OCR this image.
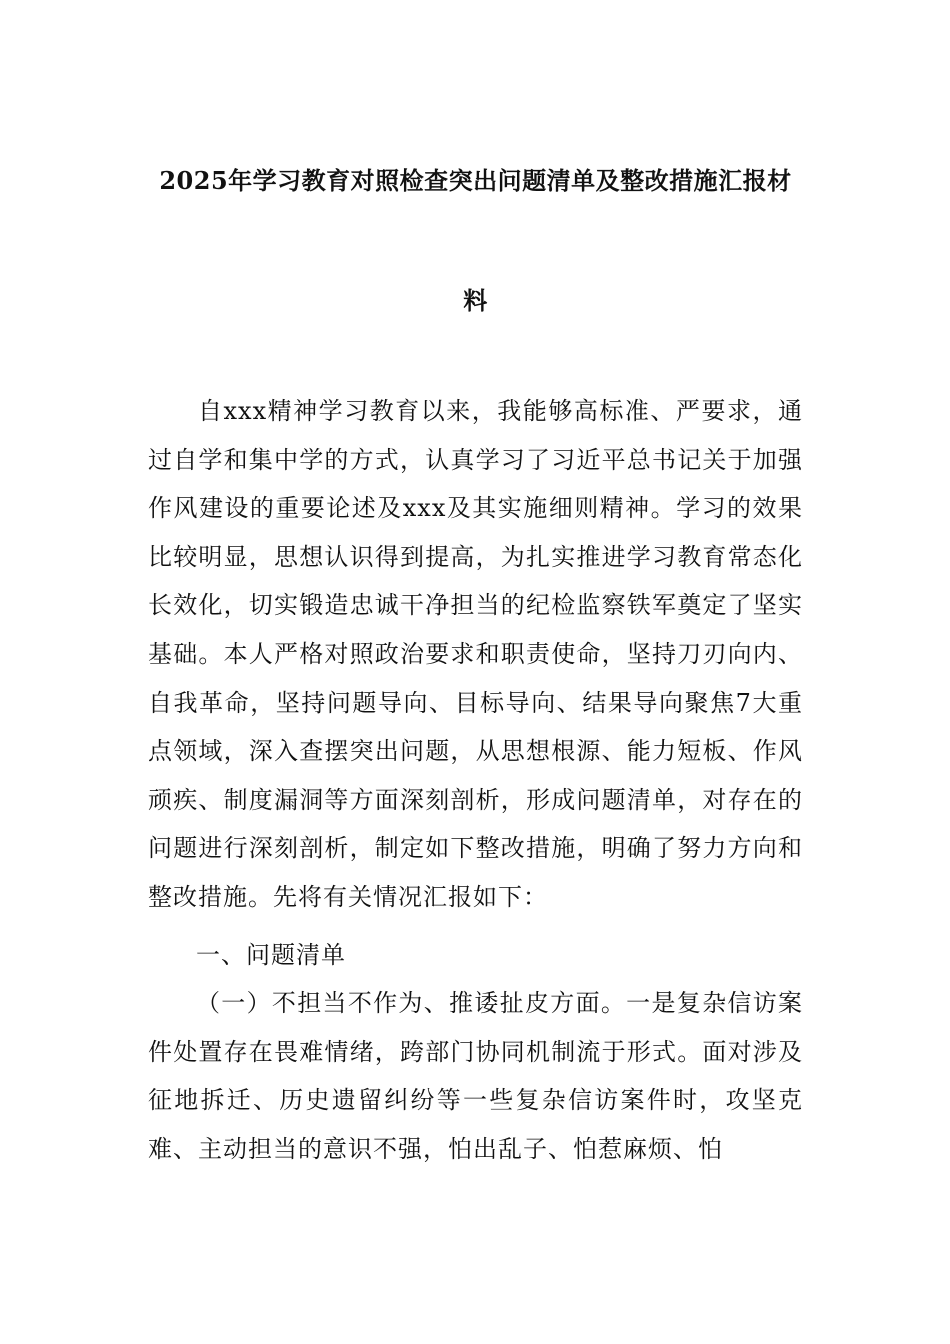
2025年学习教育对照检查突出问题清单及整改措施汇报材
料
自xxx精神学习教育以来，我能够高标准、严要求，通过自学和集中学的方式，认真学习了习近平总书记关于加强作风建设的重要论述及xxx及其实施细则精神。学习的效果比较明显，思想认识得到提高，为扎实推进学习教育常态化长效化，切实锻造忠诚干净担当的纪检监察铁军奠定了坚实基础。本人严格对照政治要求和职责使命，坚持刀刃向内、自我革命，坚持问题导向、目标导向、结果导向聚焦7大重点领域，深入查摆突出问题，从思想根源、能力短板、作风顽疾、制度漏洞等方面深刻剖析，形成问题清单，对存在的问题进行深刻剖析，制定如下整改措施，明确了努力方向和整改措施。先将有关情况汇报如下：
一、问题清单
（一）不担当不作为、推诿扯皮方面。一是复杂信访案件处置存在畏难情绪，跨部门协同机制流于形式。面对涉及征地拆迁、历史遗留纠纷等一些复杂信访案件时，攻坚克难、主动担当的意识不强，怕出乱子、怕惹麻烦、怕
